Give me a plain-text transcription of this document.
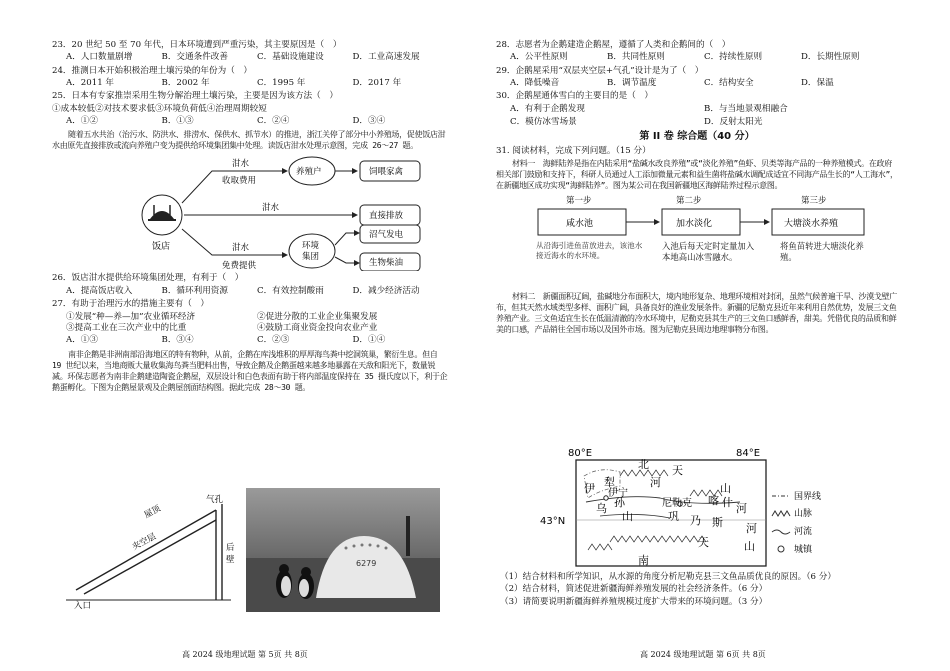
23．20 世纪 50 至 70 年代，日本环境遭到严重污染，其主要原因是（　）
A．人口数量剧增	B．交通条件改善	C．基础设施建设	D．工业高速发展
24．推测日本开始积极治理土壤污染的年份为（　）
A．2011 年	B．2002 年	C．1995 年	D．2017 年
25．日本有专家推崇采用生物分解治理土壤污染，主要是因为该方法（　）
①成本较低②对技术要求低③环境负荷低④治理周期较短
A．①②	B．①③	C．②④	D．③④
随着五水共治（治污水、防洪水、排涝水、保供水、抓节水）的推进，浙江关停了部分中小养殖场，促使饭店泔水由原先直接排放或流向养殖户变为提供给环境集团集中处理。读饭店泔水处理示意图，完成 26～27 题。
饭店
泔水
收取费用
泔水
泔水
免费提供
养殖户	饲喂家禽
直接排放
环境集团
沼气发电
生物柴油
26．饭店泔水提供给环境集团处理，有利于（　）
A．提高饭店收入	B．循环利用资源	C．有效控制酸雨	D．减少经济活动
27．有助于治理污水的措施主要有（　）
①发展“种—养—加”农业循环经济	②促进分散的工业企业集聚发展
③提高工业在三次产业中的比重	④鼓励工商业资金投向农业产业
A．①③	B．③④	C．②③	D．①④
南非企鹅是非洲南部沿海地区的特有物种，从前，企鹅在库浅堆积的厚厚海鸟粪中挖洞筑巢，繁衍生息。但自 19 世纪以来，当地商贩大量收集海鸟粪当肥料出售，导致企鹅及企鹅蛋越来越多地暴露在天敌和阳光下，数量锐减。环保志愿者为南非企鹅建造陶瓷企鹅屋，双层设计和白色表面有助于将内部温度保持在 35 摄氏度以下，利于企鹅蛋孵化。下图为企鹅屋景观及企鹅屋剖面结构图。据此完成 28～30 题。
屋顶
夹空层
气孔
后壁
入口
6279
高 2024 级地理试题 第 5页 共 8页
28．志愿者为企鹅建造企鹅屋，遵循了人类和企鹅间的（　）
A．公平性原则	B．共同性原则	C．持续性原则	D．长期性原则
29．企鹅屋采用“双层夹空层+气孔”设计是为了（　）
A．降低噪音	B．调节温度	C．结构安全	D．保温
30．企鹅屋通体雪白的主要目的是（　）
A．有利于企鹅发现	B．与当地景观相融合
C．模仿冰雪场景	D．反射太阳光
第 II 卷 综合题（40 分）
31. 阅读材料，完成下列问题。（15 分）
材料一　海鲜陆养是指在内陆采用“盐碱水改良养殖”或“淡化养殖”鱼虾、贝类等海产品的一种养殖模式。在政府相关部门鼓励和支持下，科研人员通过人工添加微量元素和益生菌将盐碱水调配成适宜不同海产品生长的“人工海水”，在新疆地区成功实现“海鲜陆养”。图为某公司在我国新疆地区海鲜陆养过程示意图。
第一步	第二步	第三步
咸水池	加水淡化	大塘淡水养殖
从沿海引进鱼苗放进去，该池水接近海水的水环境。
入池后每天定时定量加入本地高山冰雪融水。
将鱼苗转进大塘淡化养殖。
材料二　新疆面积辽阔，盐碱地分布面积大，境内地形复杂、地理环境相对封闭，虽然气候普遍干旱、沙漠戈壁广布，但其天然水域类型多样、面积广阔，具备良好的渔业发展条件。新疆的尼勒克县近年来利用自然优势，发展三文鱼养殖产业。三文鱼适宜生长在低温清澈的冷水环境中，尼勒克县其生产的三文鱼口感鲜香，甜美。凭借优良的品质和鲜美的口感，产品销往全国市场以及国外市场。图为尼勒克县周边地理事物分布图。
80°E	84°E
43°N
北 天
山
伊 犁
伊宁
河
乌 孙
山
尼勒克 喀 什 河
巩 乃 斯 河
天	山
南
国界线
山脉
河流
城镇
（1）结合材料和所学知识，从水源的角度分析尼勒克县三文鱼品质优良的原因。（6 分）
（2）结合材料，简述促进新疆海鲜养殖发展的社会经济条件。（6 分）
（3）请简要说明新疆海鲜养殖规模过度扩大带来的环境问题。（3 分）
高 2024 级地理试题 第 6页 共 8页
